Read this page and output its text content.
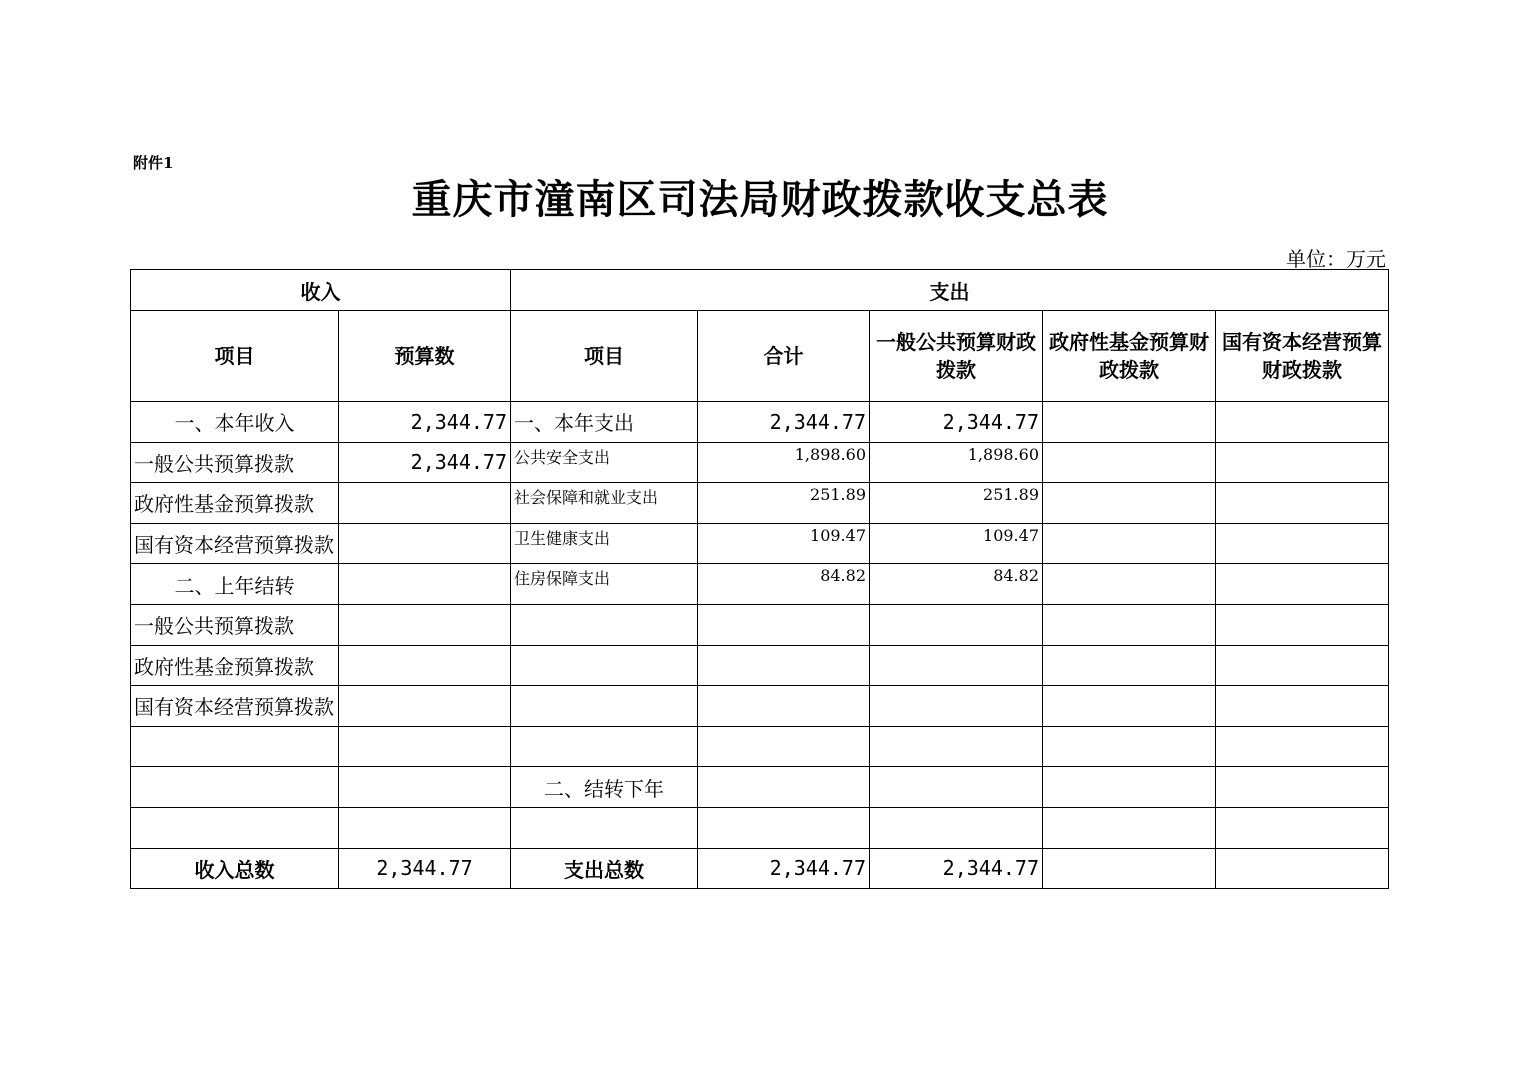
附件1
重庆市潼南区司法局财政拨款收支总表
单位：万元
收入		支出				
项目	预算数	项目	合计	一般公共预算财政拨款	政府性基金预算财政拨款	国有资本经营预算财政拨款
一、本年收入	2,344.77	一、本年支出	2,344.77	2,344.77		
一般公共预算拨款	2,344.77	公共安全支出	1,898.60	1,898.60		
政府性基金预算拨款		社会保障和就业支出	251.89	251.89		
国有资本经营预算拨款		卫生健康支出	109.47	109.47		
二、上年结转		住房保障支出	84.82	84.82		
一般公共预算拨款						
政府性基金预算拨款						
国有资本经营预算拨款						

		二、结转下年				

收入总数	2,344.77	支出总数	2,344.77	2,344.77		
